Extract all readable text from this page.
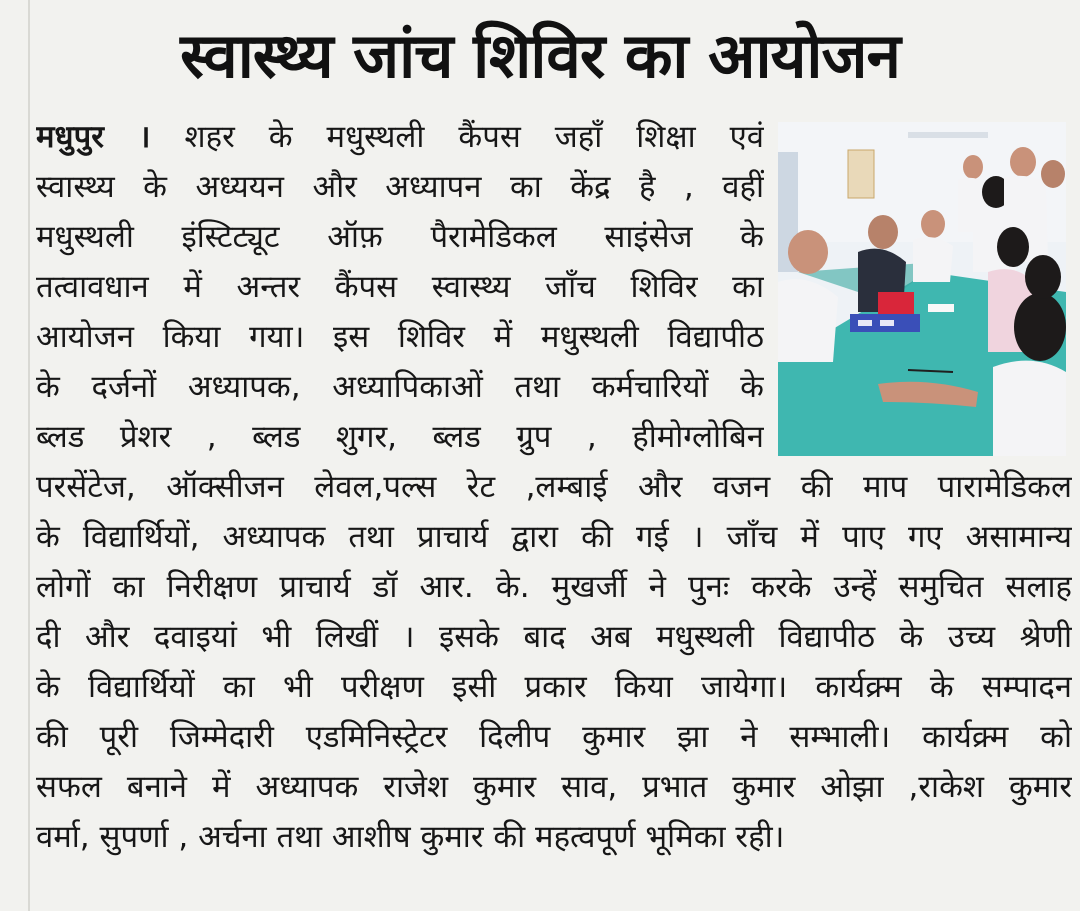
स्वास्थ्य जांच शिविर का आयोजन
मधुपुर । शहर के मधुस्थली कैंपस जहाँ शिक्षा एवं
स्वास्थ्य के अध्ययन और अध्यापन का केंद्र है , वहीं
मधुस्थली इंस्टिट्यूट ऑफ़ पैरामेडिकल साइंसेज के
तत्वावधान में अन्तर कैंपस स्वास्थ्य जाँच शिविर का
आयोजन किया गया। इस शिविर में मधुस्थली विद्यापीठ
के दर्जनों अध्यापक, अध्यापिकाओं तथा कर्मचारियों के
ब्लड प्रेशर , ब्लड शुगर, ब्लड ग्रुप , हीमोग्लोबिन
परसेंटेज, ऑक्सीजन लेवल,पल्स रेट ,लम्बाई और वजन की माप पारामेडिकल
के विद्यार्थियों, अध्यापक तथा प्राचार्य द्वारा की गई । जाँच में पाए गए असामान्य
लोगों का निरीक्षण प्राचार्य डॉ आर. के. मुखर्जी ने पुनः करके उन्हें समुचित सलाह
दी और दवाइयां भी लिखीं । इसके बाद अब मधुस्थली विद्यापीठ के उच्य श्रेणी
के विद्यार्थियों का भी परीक्षण इसी प्रकार किया जायेगा। कार्यक्र्म के सम्पादन
की पूरी जिम्मेदारी एडमिनिस्ट्रेटर दिलीप कुमार झा ने सम्भाली। कार्यक्र्म को
सफल बनाने में अध्यापक राजेश कुमार साव, प्रभात कुमार ओझा ,राकेश कुमार
वर्मा, सुपर्णा , अर्चना तथा आशीष कुमार की महत्वपूर्ण भूमिका रही।
